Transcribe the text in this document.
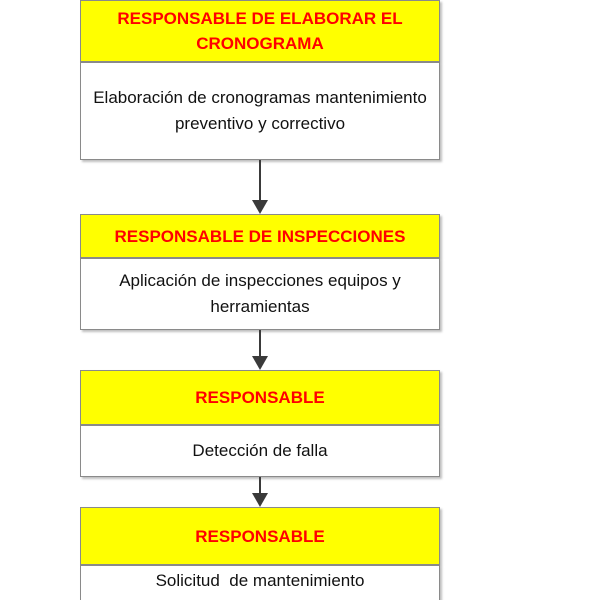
RESPONSABLE DE ELABORAR EL CRONOGRAMA
Elaboración de cronogramas mantenimiento preventivo y correctivo
RESPONSABLE DE INSPECCIONES
Aplicación de inspecciones equipos y herramientas
RESPONSABLE
Detección de falla
RESPONSABLE
Solicitud  de mantenimiento
